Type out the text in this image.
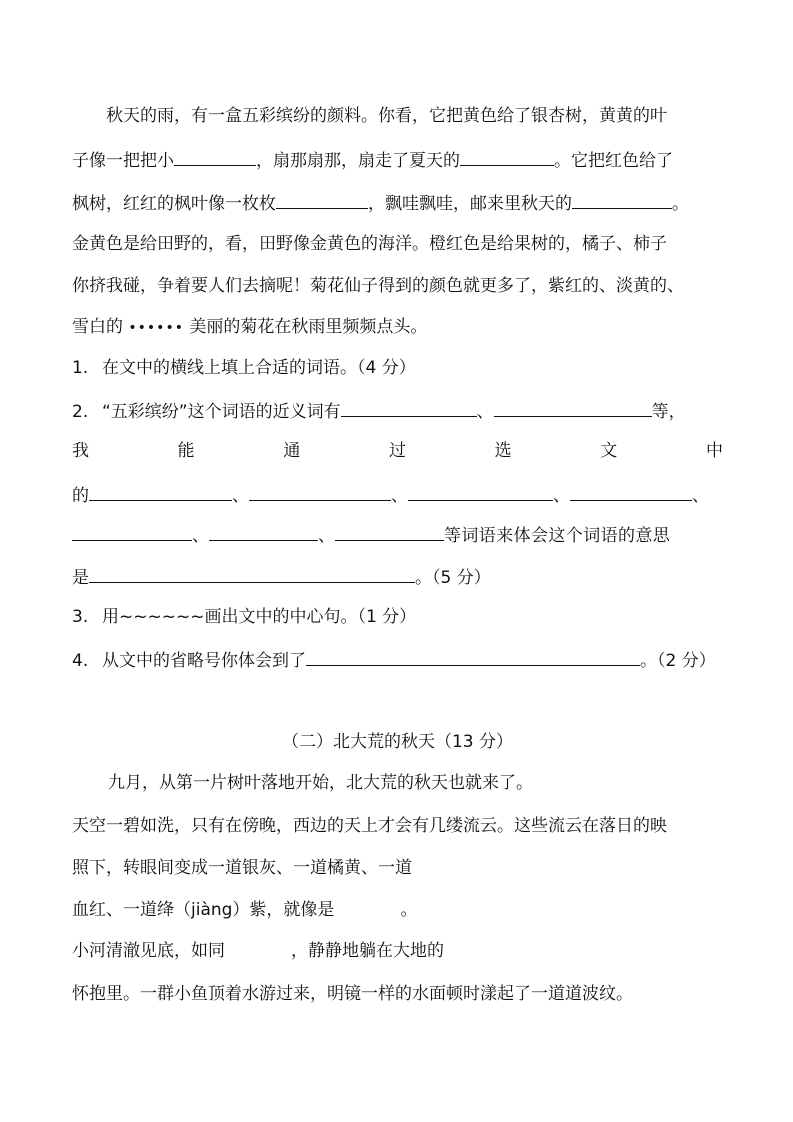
秋天的雨，有一盒五彩缤纷的颜料。你看，它把黄色给了银杏树，黄黄的叶
子像一把把小	，扇那扇那，扇走了夏天的	。它把红色给了
枫树，红红的枫叶像一枚枚	，飘哇飘哇，邮来里秋天的	。
金黄色是给田野的，看，田野像金黄色的海洋。橙红色是给果树的，橘子、柿子
你挤我碰，争着要人们去摘呢！菊花仙子得到的颜色就更多了，紫红的、淡黄的、
雪白的 •••••• 美丽的菊花在秋雨里频频点头。
1. 在文中的横线上填上合适的词语。（4 分）
2. “五彩缤纷”这个词语的近义词有	、	等，
我	能	通	过	选	文	中
的	、	、	、	、
、	、	等词语来体会这个词语的意思
是	。（5 分）
3. 用~~~~~~画出文中的中心句。（1 分）
4. 从文中的省略号你体会到了	。（2 分）
（二）北大荒的秋天（13 分）
九月，从第一片树叶落地开始，北大荒的秋天也就来了。
天空一碧如洗，只有在傍晚，西边的天上才会有几缕流云。这些流云在落日的映
照下，转眼间变成一道银灰、一道橘黄、一道
血红、一道绛（jiàng）紫，就像是	。
小河清澈见底，如同	，静静地躺在大地的
怀抱里。一群小鱼顶着水游过来，明镜一样的水面顿时漾起了一道道波纹。
